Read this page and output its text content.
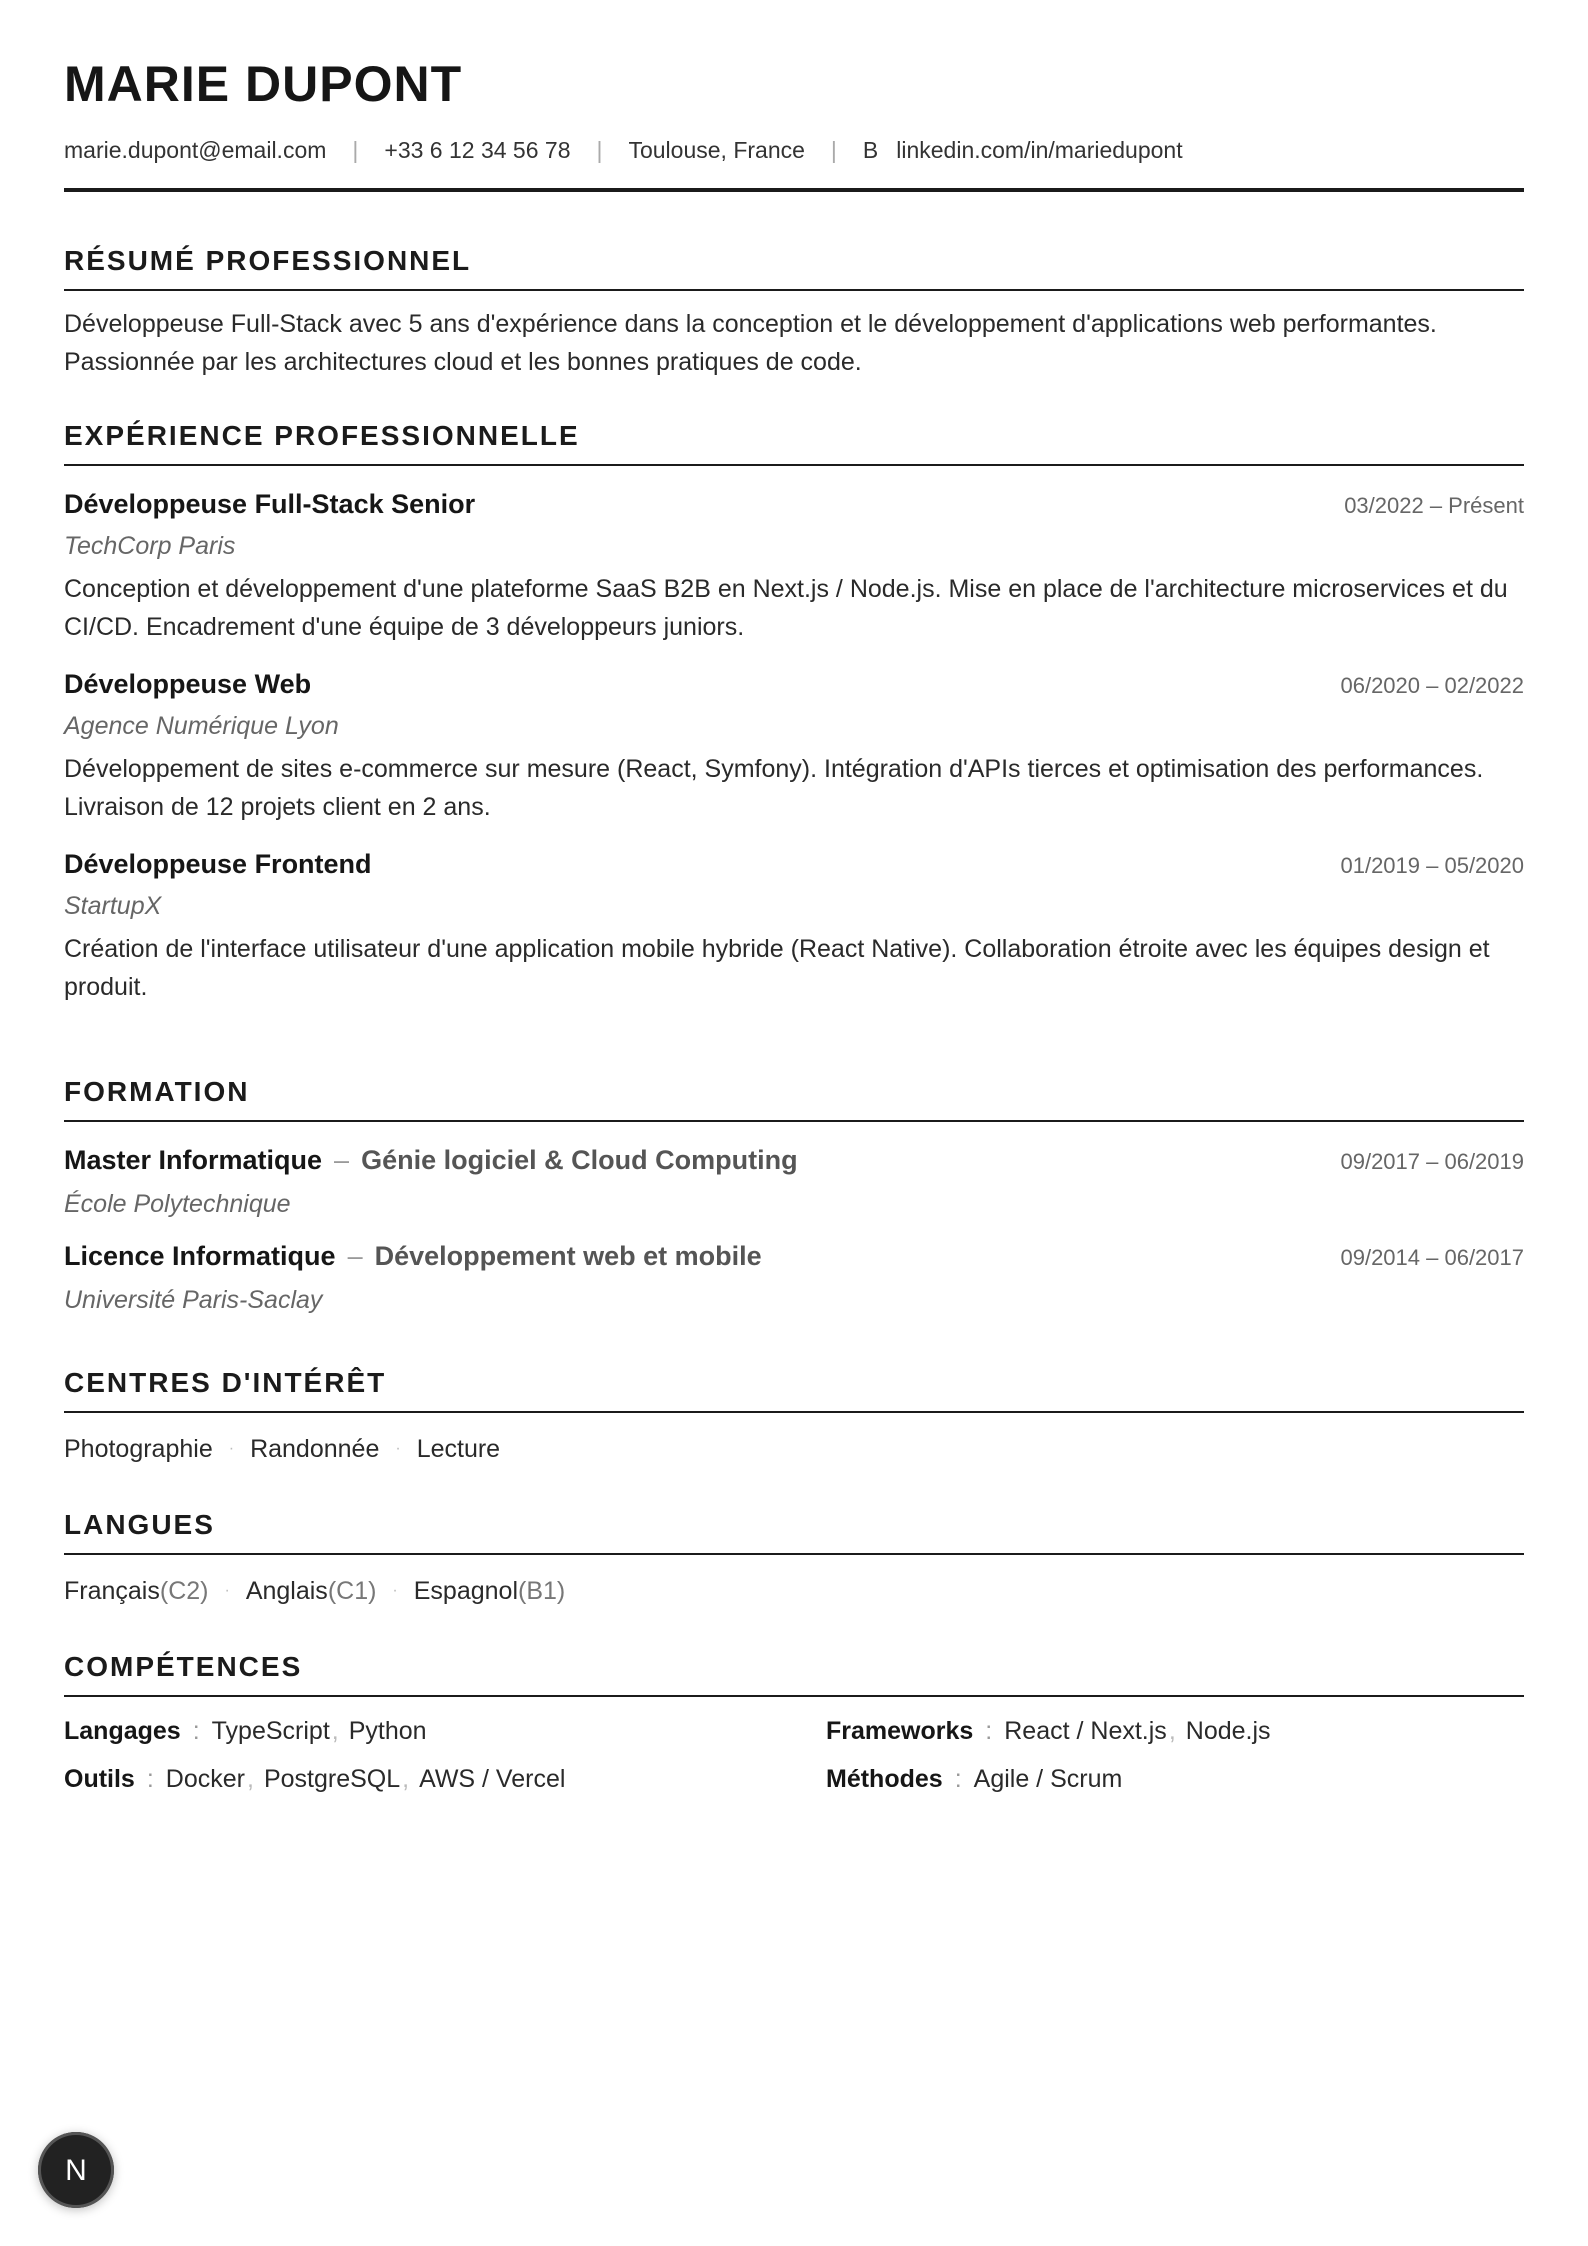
MARIE DUPONT
marie.dupont@email.com | +33 6 12 34 56 78 | Toulouse, France | B linkedin.com/in/mariedupont
RÉSUMÉ PROFESSIONNEL
Développeuse Full-Stack avec 5 ans d'expérience dans la conception et le développement d'applications web performantes. Passionnée par les architectures cloud et les bonnes pratiques de code.
EXPÉRIENCE PROFESSIONNELLE
Développeuse Full-Stack Senior	03/2022 – Présent
TechCorp Paris
Conception et développement d'une plateforme SaaS B2B en Next.js / Node.js. Mise en place de l'architecture microservices et du CI/CD. Encadrement d'une équipe de 3 développeurs juniors.
Développeuse Web	06/2020 – 02/2022
Agence Numérique Lyon
Développement de sites e-commerce sur mesure (React, Symfony). Intégration d'APIs tierces et optimisation des performances. Livraison de 12 projets client en 2 ans.
Développeuse Frontend	01/2019 – 05/2020
StartupX
Création de l'interface utilisateur d'une application mobile hybride (React Native). Collaboration étroite avec les équipes design et produit.
FORMATION
Master Informatique – Génie logiciel & Cloud Computing	09/2017 – 06/2019
École Polytechnique
Licence Informatique – Développement web et mobile	09/2014 – 06/2017
Université Paris-Saclay
CENTRES D'INTÉRÊT
Photographie · Randonnée · Lecture
LANGUES
Français(C2) · Anglais(C1) · Espagnol(B1)
COMPÉTENCES
Langages : TypeScript , Python	Frameworks : React / Next.js , Node.js
Outils : Docker , PostgreSQL , AWS / Vercel	Méthodes : Agile / Scrum
N
